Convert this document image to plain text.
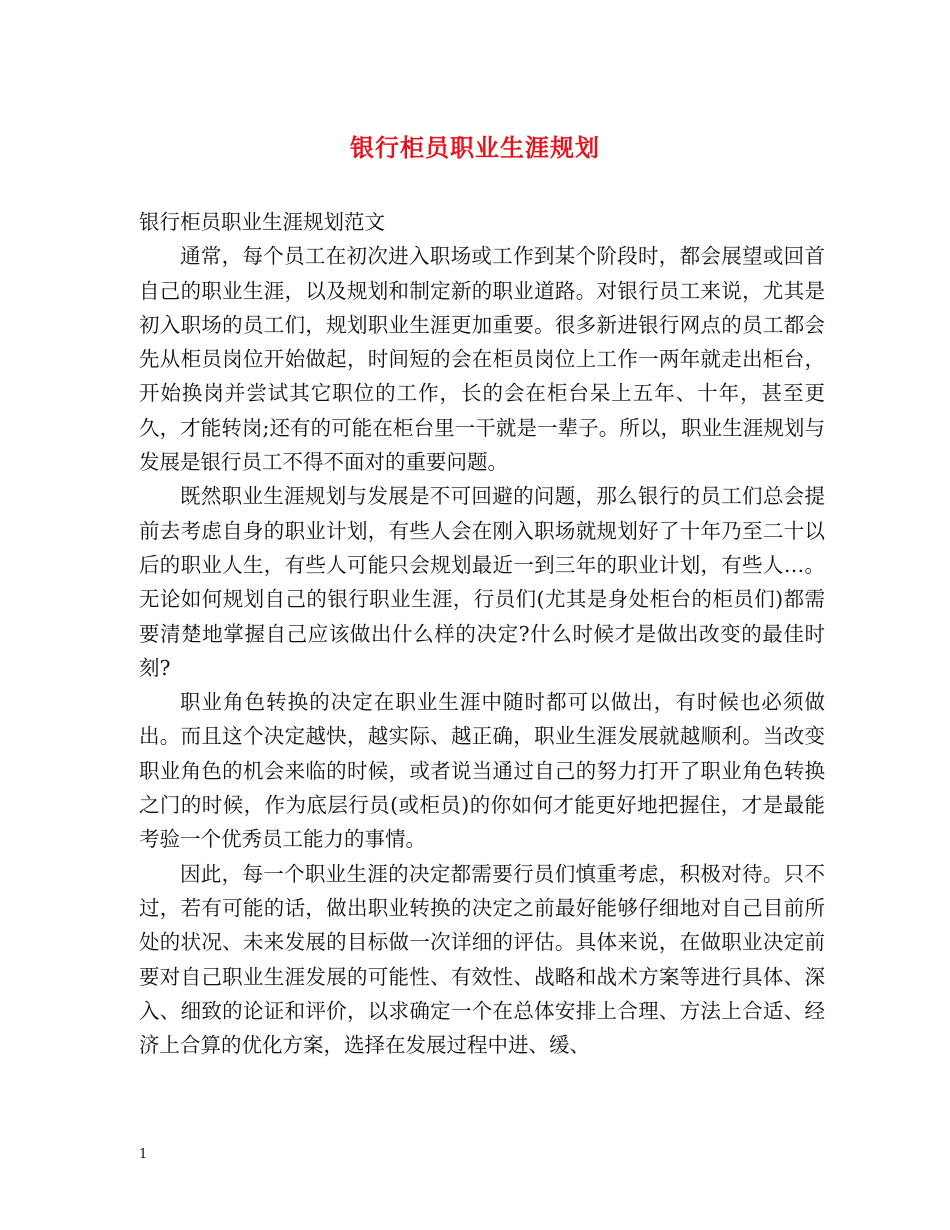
银行柜员职业生涯规划

银行柜员职业生涯规划范文

通常，每个员工在初次进入职场或工作到某个阶段时，都会展望或回首自己的职业生涯，以及规划和制定新的职业道路。对银行员工来说，尤其是初入职场的员工们，规划职业生涯更加重要。很多新进银行网点的员工都会先从柜员岗位开始做起，时间短的会在柜员岗位上工作一两年就走出柜台，开始换岗并尝试其它职位的工作，长的会在柜台呆上五年、十年，甚至更久，才能转岗;还有的可能在柜台里一干就是一辈子。所以，职业生涯规划与发展是银行员工不得不面对的重要问题。

既然职业生涯规划与发展是不可回避的问题，那么银行的员工们总会提前去考虑自身的职业计划，有些人会在刚入职场就规划好了十年乃至二十以后的职业人生，有些人可能只会规划最近一到三年的职业计划，有些人…。无论如何规划自己的银行职业生涯，行员们(尤其是身处柜台的柜员们)都需要清楚地掌握自己应该做出什么样的决定?什么时候才是做出改变的最佳时刻?

职业角色转换的决定在职业生涯中随时都可以做出，有时候也必须做出。而且这个决定越快，越实际、越正确，职业生涯发展就越顺利。当改变职业角色的机会来临的时候，或者说当通过自己的努力打开了职业角色转换之门的时候，作为底层行员(或柜员)的你如何才能更好地把握住，才是最能考验一个优秀员工能力的事情。

因此，每一个职业生涯的决定都需要行员们慎重考虑，积极对待。只不过，若有可能的话，做出职业转换的决定之前最好能够仔细地对自己目前所处的状况、未来发展的目标做一次详细的评估。具体来说，在做职业决定前要对自己职业生涯发展的可能性、有效性、战略和战术方案等进行具体、深入、细致的论证和评价，以求确定一个在总体安排上合理、方法上合适、经济上合算的优化方案，选择在发展过程中进、缓、

1
